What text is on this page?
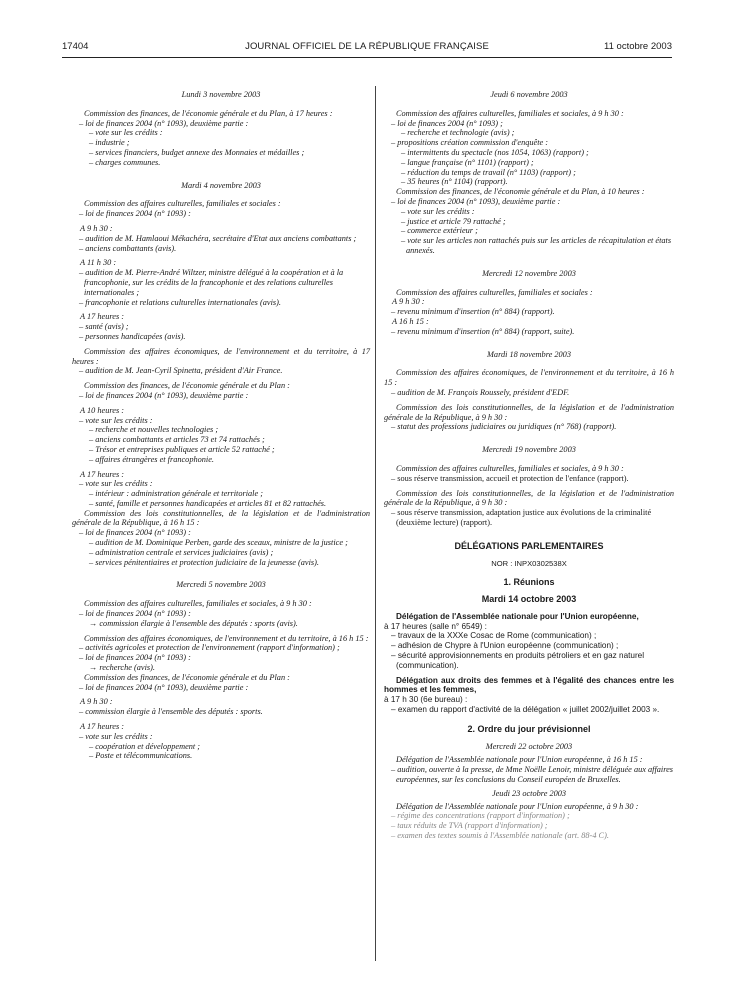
17404	JOURNAL OFFICIEL DE LA RÉPUBLIQUE FRANÇAISE	11 octobre 2003

Lundi 3 novembre 2003

Commission des finances, de l'économie générale et du Plan, à 17 heures :

– loi de finances 2004 (n° 1093), deuxième partie :

– vote sur les crédits :

– industrie ;

– services financiers, budget annexe des Monnaies et médailles ;

– charges communes.

Mardi 4 novembre 2003

Commission des affaires culturelles, familiales et sociales :

– loi de finances 2004 (n° 1093) :

A 9 h 30 :

– audition de M. Hamlaoui Mékachéra, secrétaire d'Etat aux anciens combattants ;

– anciens combattants (avis).

A 11 h 30 :

– audition de M. Pierre-André Wiltzer, ministre délégué à la coopération et à la francophonie, sur les crédits de la francophonie et des relations culturelles internationales ;

– francophonie et relations culturelles internationales (avis).

A 17 heures :

– santé (avis) ;

– personnes handicapées (avis).

Commission des affaires économiques, de l'environnement et du territoire, à 17 heures :

– audition de M. Jean-Cyril Spinetta, président d'Air France.

Commission des finances, de l'économie générale et du Plan :

– loi de finances 2004 (n° 1093), deuxième partie :

A 10 heures :

– vote sur les crédits :

– recherche et nouvelles technologies ;

– anciens combattants et articles 73 et 74 rattachés ;

– Trésor et entreprises publiques et article 52 rattaché ;

– affaires étrangères et francophonie.

A 17 heures :

– vote sur les crédits :

– intérieur : administration générale et territoriale ;

– santé, famille et personnes handicapées et articles 81 et 82 rattachés.

Commission des lois constitutionnelles, de la législation et de l'administration générale de la République, à 16 h 15 :

– loi de finances 2004 (n° 1093) :

– audition de M. Dominique Perben, garde des sceaux, ministre de la justice ;

– administration centrale et services judiciaires (avis) ;

– services pénitentiaires et protection judiciaire de la jeunesse (avis).

Mercredi 5 novembre 2003

Commission des affaires culturelles, familiales et sociales, à 9 h 30 :

– loi de finances 2004 (n° 1093) :

→ commission élargie à l'ensemble des députés : sports (avis).

Commission des affaires économiques, de l'environnement et du territoire, à 16 h 15 :

– activités agricoles et protection de l'environnement (rapport d'information) ;

– loi de finances 2004 (n° 1093) :

→ recherche (avis).

Commission des finances, de l'économie générale et du Plan :

– loi de finances 2004 (n° 1093), deuxième partie :

A 9 h 30 :

– commission élargie à l'ensemble des députés : sports.

A 17 heures :

– vote sur les crédits :

– coopération et développement ;

– Poste et télécommunications.

Jeudi 6 novembre 2003

Commission des affaires culturelles, familiales et sociales, à 9 h 30 :

– loi de finances 2004 (n° 1093) ;

– recherche et technologie (avis) ;

– propositions création commission d'enquête :

– intermittents du spectacle (nos 1054, 1063) (rapport) ;

– langue française (n° 1101) (rapport) ;

– réduction du temps de travail (n° 1103) (rapport) ;

– 35 heures (n° 1104) (rapport).

Commission des finances, de l'économie générale et du Plan, à 10 heures :

– loi de finances 2004 (n° 1093), deuxième partie :

– vote sur les crédits :

– justice et article 79 rattaché ;

– commerce extérieur ;

– vote sur les articles non rattachés puis sur les articles de récapitulation et états annexés.

Mercredi 12 novembre 2003

Commission des affaires culturelles, familiales et sociales :

A 9 h 30 :

– revenu minimum d'insertion (n° 884) (rapport).

A 16 h 15 :

– revenu minimum d'insertion (n° 884) (rapport, suite).

Mardi 18 novembre 2003

Commission des affaires économiques, de l'environnement et du territoire, à 16 h 15 :

– audition de M. François Roussely, président d'EDF.

Commission des lois constitutionnelles, de la législation et de l'administration générale de la République, à 9 h 30 :

– statut des professions judiciaires ou juridiques (n° 768) (rapport).

Mercredi 19 novembre 2003

Commission des affaires culturelles, familiales et sociales, à 9 h 30 :

– sous réserve transmission, accueil et protection de l'enfance (rapport).

Commission des lois constitutionnelles, de la législation et de l'administration générale de la République, à 9 h 30 :

– sous réserve transmission, adaptation justice aux évolutions de la criminalité (deuxième lecture) (rapport).

DÉLÉGATIONS PARLEMENTAIRES

NOR : INPX0302538X

1. Réunions

Mardi 14 octobre 2003

Délégation de l'Assemblée nationale pour l'Union européenne,

à 17 heures (salle n° 6549) :

– travaux de la XXXe Cosac de Rome (communication) ;

– adhésion de Chypre à l'Union européenne (communication) ;

– sécurité approvisionnements en produits pétroliers et en gaz naturel (communication).

Délégation aux droits des femmes et à l'égalité des chances entre les hommes et les femmes,

à 17 h 30 (6e bureau) :

– examen du rapport d'activité de la délégation « juillet 2002/juillet 2003 ».

2. Ordre du jour prévisionnel

Mercredi 22 octobre 2003

Délégation de l'Assemblée nationale pour l'Union européenne, à 16 h 15 :

– audition, ouverte à la presse, de Mme Noëlle Lenoir, ministre déléguée aux affaires européennes, sur les conclusions du Conseil européen de Bruxelles.

Jeudi 23 octobre 2003

Délégation de l'Assemblée nationale pour l'Union européenne, à 9 h 30 :

– régime des concentrations (rapport d'information) ;

– taux réduits de TVA (rapport d'information) ;

– examen des textes soumis à l'Assemblée nationale (art. 88-4 C).
